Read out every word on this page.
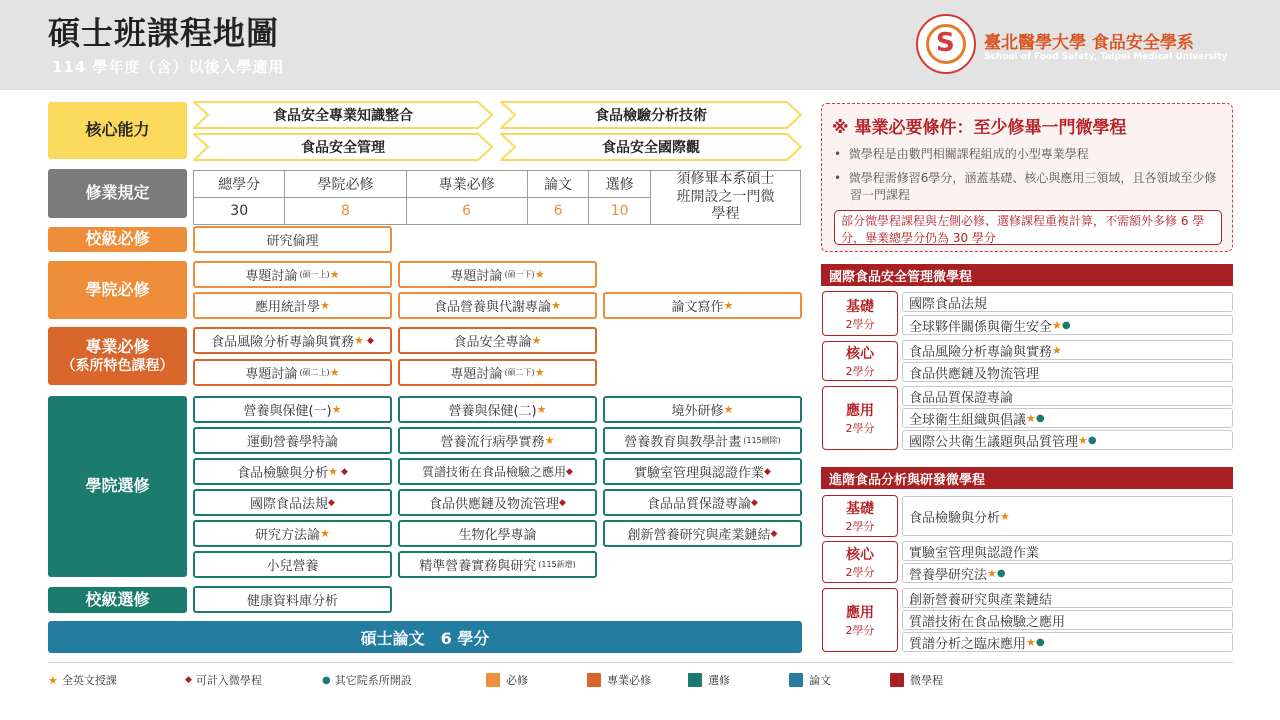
碩士班課程地圖
114 學年度（含）以後入學適用
S 臺北醫學大學 食品安全學系
School of Food Safety, Taipei Medical University
核心能力
修業規定
校級必修
學院必修
專業必修
（系所特色課程）
學院選修
校級選修
食品安全專業知識整合	食品檢驗分析技術
食品安全管理	食品安全國際觀
總學分	學院必修	專業必修	論文	選修	須修畢本系碩士班開設之一門微學程
30	8	6	6	10	
研究倫理
專題討論 (碩一上) ★	專題討論 (碩一下) ★
應用統計學 ★	食品營養與代謝專論 ★	論文寫作 ★
食品風險分析專論與實務 ★ ◆	食品安全專論 ★
專題討論 (碩二上) ★	專題討論 (碩二下) ★
營養與保健(一) ★	營養與保健(二) ★	境外研修 ★
運動營養學特論	營養流行病學實務 ★	營養教育與教學計畫 (115刪除)
食品檢驗與分析 ★ ◆	質譜技術在食品檢驗之應用 ◆	實驗室管理與認證作業 ◆
國際食品法規 ◆	食品供應鏈及物流管理 ◆	食品品質保證專論 ◆
研究方法論 ★	生物化學專論	創新營養研究與產業鏈結 ◆
小兒營養	精準營養實務與研究 (115新增)
健康資料庫分析
碩士論文　6 學分
※ 畢業必要條件：至少修畢一門微學程
•  微學程是由數門相關課程組成的小型專業學程
•  微學程需修習6學分，涵蓋基礎、核心與應用三領域，且各領域至少修習一門課程
部分微學程課程與左側必修、選修課程重複計算，不需額外多修 6 學分，畢業總學分仍為 30 學分
國際食品安全管理微學程
基礎
2學分
國際食品法規
全球夥伴關係與衛生安全 ★ ●
核心
2學分
食品風險分析專論與實務 ★
食品供應鏈及物流管理
應用
2學分
食品品質保證專論
全球衛生組織與倡議 ★ ●
國際公共衛生議題與品質管理 ★ ●
進階食品分析與研發微學程
基礎
2學分
食品檢驗與分析 ★
核心
2學分
實驗室管理與認證作業
營養學研究法 ★ ●
應用
2學分
創新營養研究與產業鏈結
質譜技術在食品檢驗之應用
質譜分析之臨床應用 ★ ●
★ 全英文授課	◆ 可計入微學程	● 其它院系所開設	必修	專業必修	選修	論文	微學程
